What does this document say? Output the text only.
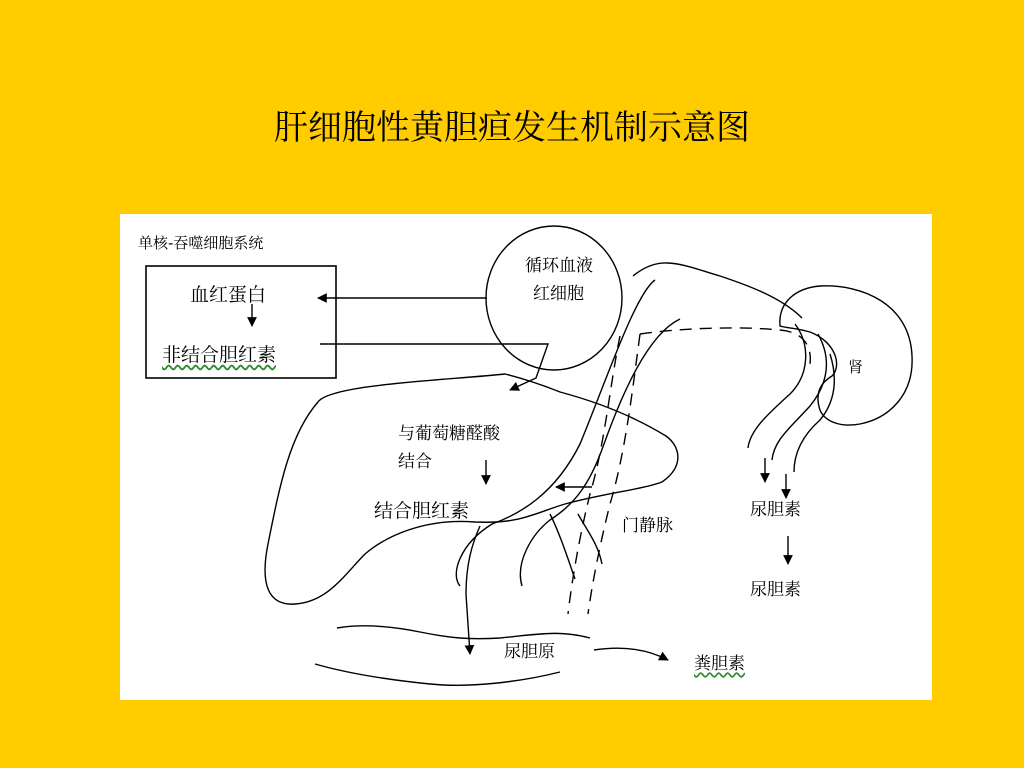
肝细胞性黄胆疸发生机制示意图
单核-吞噬细胞系统
血红蛋白
非结合胆红素
循环血液
红细胞
肾
与葡萄糖醛酸
结合
结合胆红素
门静脉
尿胆素
尿胆素
尿胆原
粪胆素
